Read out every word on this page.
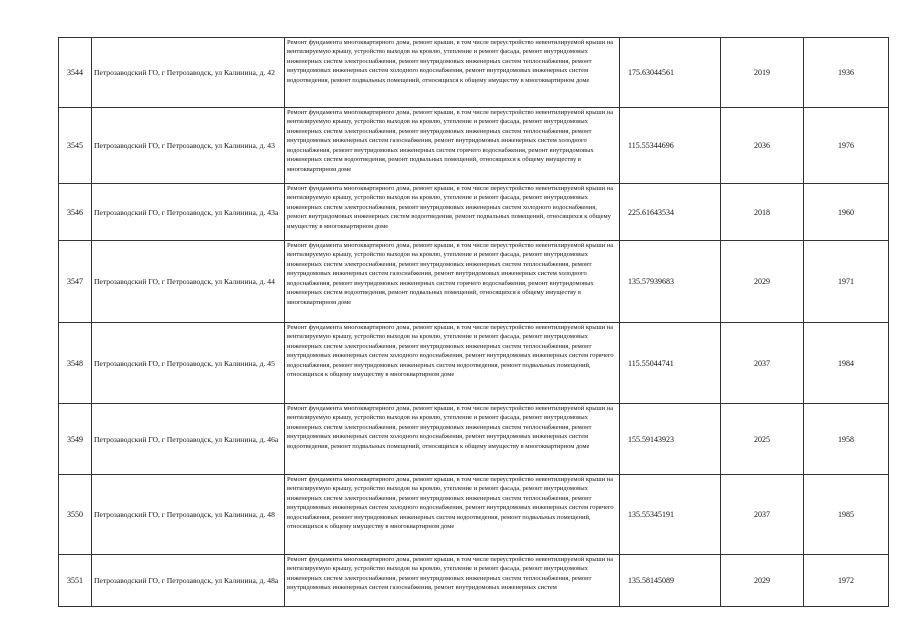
3544	Петрозаводский ГО, г Петрозаводск, ул Калинина, д. 42	Ремонт фундамента многоквартирного дома, ремонт крыши, в том числе переустройство невентилируемой крыши на вентилируемую крышу, устройство выходов на кровлю, утепление и ремонт фасада, ремонт внутридомовых инженерных систем электроснабжения, ремонт внутридомовых инженерных систем теплоснабжения, ремонт внутридомовых инженерных систем холодного водоснабжения, ремонт внутридомовых инженерных систем водоотведения, ремонт подвальных помещений, относящихся к общему имуществу в многоквартирном доме	175.63044561	2019	1936
3545	Петрозаводский ГО, г Петрозаводск, ул Калинина, д. 43	Ремонт фундамента многоквартирного дома, ремонт крыши, в том числе переустройство невентилируемой крыши на вентилируемую крышу, устройство выходов на кровлю, утепление и ремонт фасада, ремонт внутридомовых инженерных систем электроснабжения, ремонт внутридомовых инженерных систем теплоснабжения, ремонт внутридомовых инженерных систем газоснабжения, ремонт внутридомовых инженерных систем холодного водоснабжения, ремонт внутридомовых инженерных систем горячего водоснабжения, ремонт внутридомовых инженерных систем водоотведения, ремонт подвальных помещений, относящихся к общему имуществу в многоквартирном доме	115.55344696	2036	1976
3546	Петрозаводский ГО, г Петрозаводск, ул Калинина, д. 43а	Ремонт фундамента многоквартирного дома, ремонт крыши, в том числе переустройство невентилируемой крыши на вентилируемую крышу, устройство выходов на кровлю, утепление и ремонт фасада, ремонт внутридомовых инженерных систем электроснабжения, ремонт внутридомовых инженерных систем холодного водоснабжения, ремонт внутридомовых инженерных систем водоотведения, ремонт подвальных помещений, относящихся к общему имуществу в многоквартирном доме	225.61643534	2018	1960
3547	Петрозаводский ГО, г Петрозаводск, ул Калинина, д. 44	Ремонт фундамента многоквартирного дома, ремонт крыши, в том числе переустройство невентилируемой крыши на вентилируемую крышу, устройство выходов на кровлю, утепление и ремонт фасада, ремонт внутридомовых инженерных систем электроснабжения, ремонт внутридомовых инженерных систем теплоснабжения, ремонт внутридомовых инженерных систем газоснабжения, ремонт внутридомовых инженерных систем холодного водоснабжения, ремонт внутридомовых инженерных систем горячего водоснабжения, ремонт внутридомовых инженерных систем водоотведения, ремонт подвальных помещений, относящихся к общему имуществу в многоквартирном доме	135.57939683	2029	1971
3548	Петрозаводский ГО, г Петрозаводск, ул Калинина, д. 45	Ремонт фундамента многоквартирного дома, ремонт крыши, в том числе переустройство невентилируемой крыши на вентилируемую крышу, устройство выходов на кровлю, утепление и ремонт фасада, ремонт внутридомовых инженерных систем электроснабжения, ремонт внутридомовых инженерных систем теплоснабжения, ремонт внутридомовых инженерных систем холодного водоснабжения, ремонт внутридомовых инженерных систем горячего водоснабжения, ремонт внутридомовых инженерных систем водоотведения, ремонт подвальных помещений, относящихся к общему имуществу в многоквартирном доме	115.55044741	2037	1984
3549	Петрозаводский ГО, г Петрозаводск, ул Калинина, д. 46а	Ремонт фундамента многоквартирного дома, ремонт крыши, в том числе переустройство невентилируемой крыши на вентилируемую крышу, устройство выходов на кровлю, утепление и ремонт фасада, ремонт внутридомовых инженерных систем электроснабжения, ремонт внутридомовых инженерных систем теплоснабжения, ремонт внутридомовых инженерных систем холодного водоснабжения, ремонт внутридомовых инженерных систем водоотведения, ремонт подвальных помещений, относящихся к общему имуществу в многоквартирном доме	155.59143923	2025	1958
3550	Петрозаводский ГО, г Петрозаводск, ул Калинина, д. 48	Ремонт фундамента многоквартирного дома, ремонт крыши, в том числе переустройство невентилируемой крыши на вентилируемую крышу, устройство выходов на кровлю, утепление и ремонт фасада, ремонт внутридомовых инженерных систем электроснабжения, ремонт внутридомовых инженерных систем теплоснабжения, ремонт внутридомовых инженерных систем холодного водоснабжения, ремонт внутридомовых инженерных систем горячего водоснабжения, ремонт внутридомовых инженерных систем водоотведения, ремонт подвальных помещений, относящихся к общему имуществу в многоквартирном доме	135.55345191	2037	1985
3551	Петрозаводский ГО, г Петрозаводск, ул Калинина, д. 48а	Ремонт фундамента многоквартирного дома, ремонт крыши, в том числе переустройство невентилируемой крыши на вентилируемую крышу, устройство выходов на кровлю, утепление и ремонт фасада, ремонт внутридомовых инженерных систем электроснабжения, ремонт внутридомовых инженерных систем теплоснабжения, ремонт внутридомовых инженерных систем газоснабжения, ремонт внутридомовых инженерных систем	135.58145089	2029	1972
